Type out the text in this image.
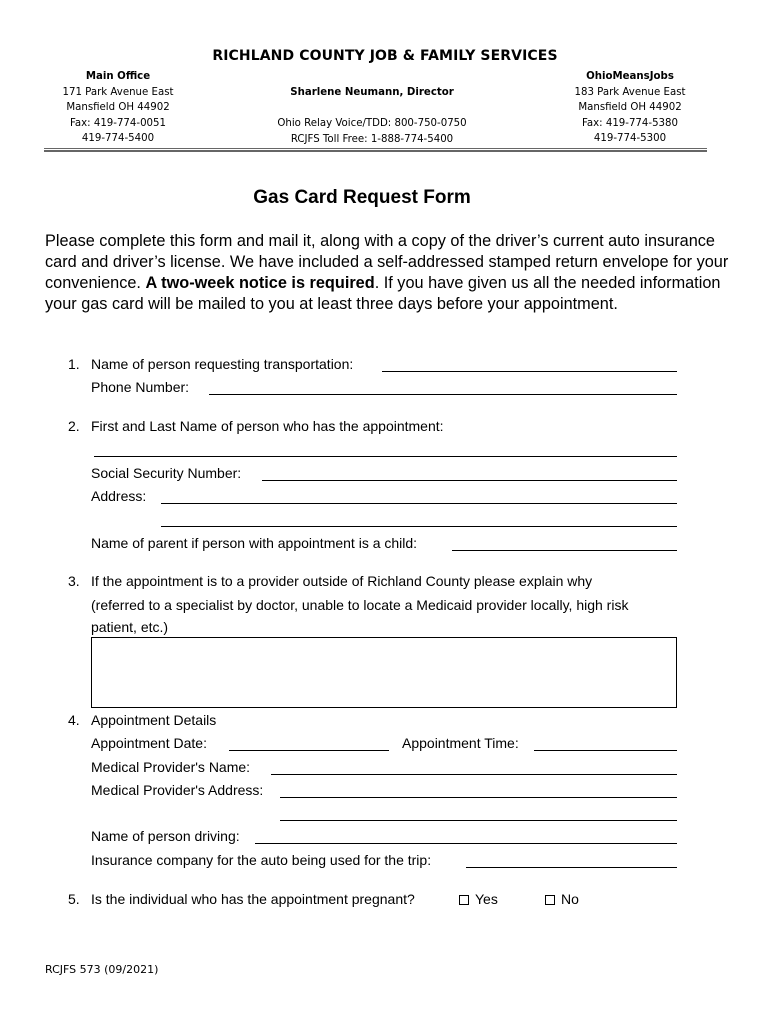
RICHLAND COUNTY JOB & FAMILY SERVICES
Main Office
171 Park Avenue East
Mansfield OH 44902
Fax: 419-774-0051
419-774-5400
Sharlene Neumann, Director
Ohio Relay Voice/TDD: 800-750-0750
RCJFS Toll Free: 1-888-774-5400
OhioMeansJobs
183 Park Avenue East
Mansfield OH 44902
Fax: 419-774-5380
419-774-5300
Gas Card Request Form
Please complete this form and mail it, along with a copy of the driver’s current auto insurance card and driver’s license. We have included a self-addressed stamped return envelope for your convenience. A two-week notice is required. If you have given us all the needed information your gas card will be mailed to you at least three days before your appointment.
1. Name of person requesting transportation:
Phone Number:
2. First and Last Name of person who has the appointment:
Social Security Number:
Address:
Name of parent if person with appointment is a child:
3. If the appointment is to a provider outside of Richland County please explain why
(referred to a specialist by doctor, unable to locate a Medicaid provider locally, high risk
patient, etc.)
4. Appointment Details
Appointment Date:	Appointment Time:
Medical Provider's Name:
Medical Provider's Address:
Name of person driving:
Insurance company for the auto being used for the trip:
5. Is the individual who has the appointment pregnant?	Yes	No
RCJFS 573 (09/2021)
